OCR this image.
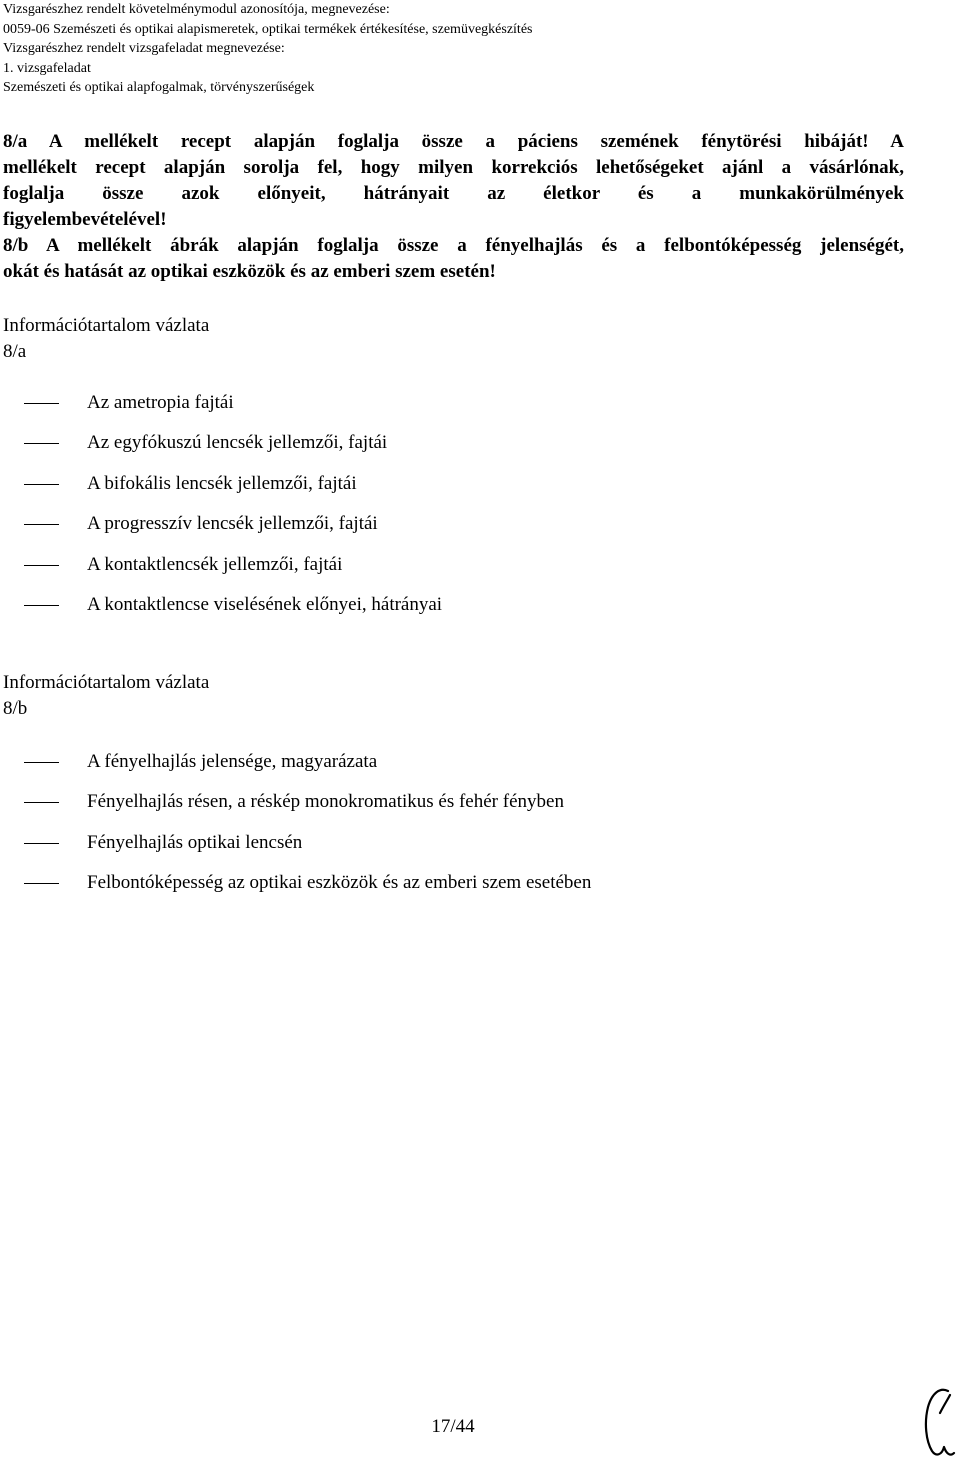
Vizsgarészhez rendelt követelménymodul azonosítója, megnevezése:
0059-06 Szemészeti és optikai alapismeretek, optikai termékek értékesítése, szemüvegkészítés
Vizsgarészhez rendelt vizsgafeladat megnevezése:
1. vizsgafeladat
Szemészeti és optikai alapfogalmak, törvényszerűségek

8/a A mellékelt recept alapján foglalja össze a páciens szemének fénytörési hibáját! A

mellékelt recept alapján sorolja fel, hogy milyen korrekciós lehetőségeket ajánl a vásárlónak,

foglalja össze azok előnyeit, hátrányait az életkor és a munkakörülmények

figyelembevételével!

8/b A mellékelt ábrák alapján foglalja össze a fényelhajlás és a felbontóképesség jelenségét,

okát és hatását az optikai eszközök és az emberi szem esetén!

Információtartalom vázlata
8/a
Az ametropia fajtái
Az egyfókuszú lencsék jellemzői, fajtái
A bifokális lencsék jellemzői, fajtái
A progresszív lencsék jellemzői, fajtái
A kontaktlencsék jellemzői, fajtái
A kontaktlencse viselésének előnyei, hátrányai
Információtartalom vázlata
8/b
A fényelhajlás jelensége, magyarázata
Fényelhajlás résen, a réskép monokromatikus és fehér fényben
Fényelhajlás optikai lencsén
Felbontóképesség az optikai eszközök és az emberi szem esetében
17/44
